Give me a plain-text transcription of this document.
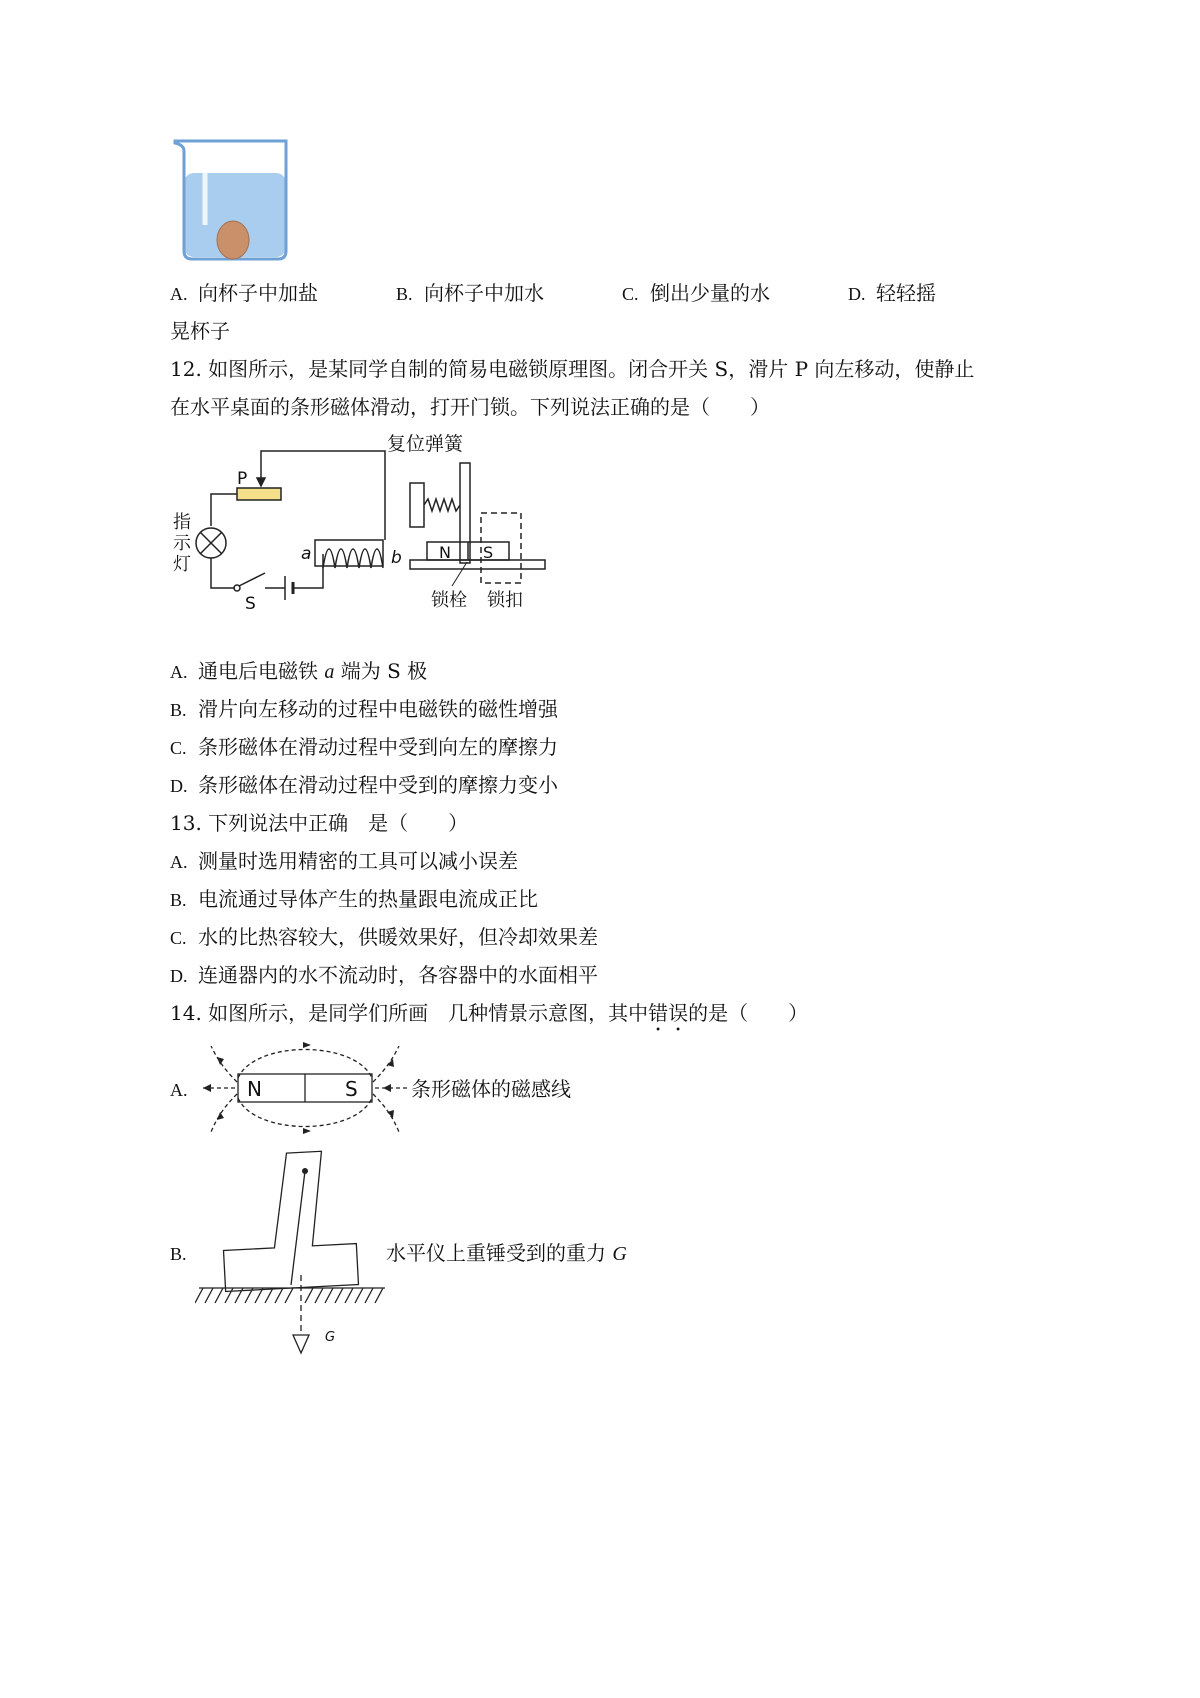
A. 向杯子中加盐	B. 向杯子中加水	C. 倒出少量的水	D. 轻轻摇
晃杯子
12. 如图所示，是某同学自制的简易电磁锁原理图。闭合开关 S，滑片 P 向左移动，使静止
在水平桌面的条形磁体滑动，打开门锁。下列说法正确的是（　　）
复位弹簧
P
指
示
灯
S
a	b N S
锁栓 锁扣
A. 通电后电磁铁 a 端为 S 极
B. 滑片向左移动的过程中电磁铁的磁性增强
C. 条形磁体在滑动过程中受到向左的摩擦力
D. 条形磁体在滑动过程中受到的摩擦力变小
13. 下列说法中正确　是（　　）
A. 测量时选用精密的工具可以减小误差
B. 电流通过导体产生的热量跟电流成正比
C. 水的比热容较大，供暖效果好，但冷却效果差
D. 连通器内的水不流动时，各容器中的水面相平
14. 如图所示，是同学们所画　几种情景示意图，其中错误的是（　　）
A.	N	S	条形磁体的磁感线
B.
G
水平仪上重锤受到的重力 G
